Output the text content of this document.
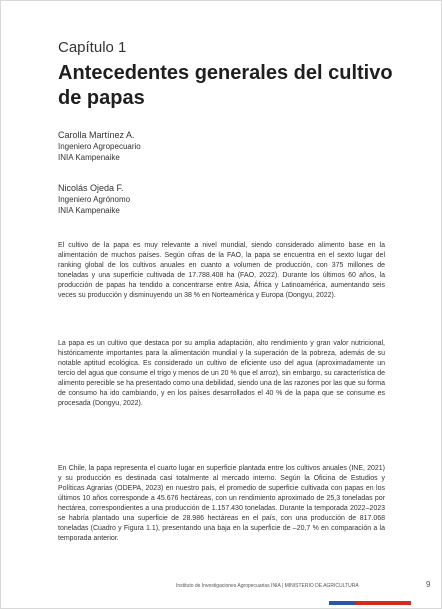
Capítulo 1
Antecedentes generales del cultivo de papas
Carolla Martínez A.
Ingeniero Agropecuario
INIA Kampenaike
Nicolás Ojeda F.
Ingeniero Agrónomo
INIA Kampenaike

El cultivo de la papa es muy relevante a nivel mundial, siendo considerado alimento base en la alimentación de muchos países. Según cifras de la FAO, la papa se encuentra en el sexto lugar del ranking global de los cultivos anuales en cuanto a volumen de producción, con 375 millones de toneladas y una superficie cultivada de 17.788.408 ha (FAO, 2022). Durante los últimos 60 años, la producción de papas ha tendido a concentrarse entre Asia, África y Latinoamérica, aumentando seis veces su producción y disminuyendo un 38 % en Norteamérica y Europa (Dongyu, 2022).

La papa es un cultivo que destaca por su amplia adaptación, alto rendimiento y gran valor nutricional, históricamente importantes para la alimentación mundial y la superación de la pobreza, además de su notable aptitud ecológica. Es considerado un cultivo de eficiente uso del agua (aproximadamente un tercio del agua que consume el trigo y menos de un 20 % que el arroz), sin embargo, su característica de alimento perecible se ha presentado como una debilidad, siendo una de las razones por las que su forma de consumo ha ido cambiando, y en los países desarrollados el 40 % de la papa que se consume es procesada (Dongyu, 2022).

En Chile, la papa representa el cuarto lugar en superficie plantada entre los cultivos anuales (INE, 2021) y su producción es destinada casi totalmente al mercado interno. Según la Oficina de Estudios y Políticas Agrarias (ODEPA, 2023) en nuestro país, el promedio de superficie cultivada con papas en los últimos 10 años corresponde a 45.676 hectáreas, con un rendimiento aproximado de 25,3 toneladas por hectárea, correspondientes a una producción de 1.157.430 toneladas. Durante la temporada 2022–2023 se habría plantado una superficie de 28.986 hectáreas en el país, con una producción de 817.068 toneladas (Cuadro y Figura 1.1), presentando una baja en la superficie de –20,7 % en comparación a la temporada anterior.

Instituto de Investigaciones Agropecuarias INIA | MINISTERIO DE AGRICULTURA	9
